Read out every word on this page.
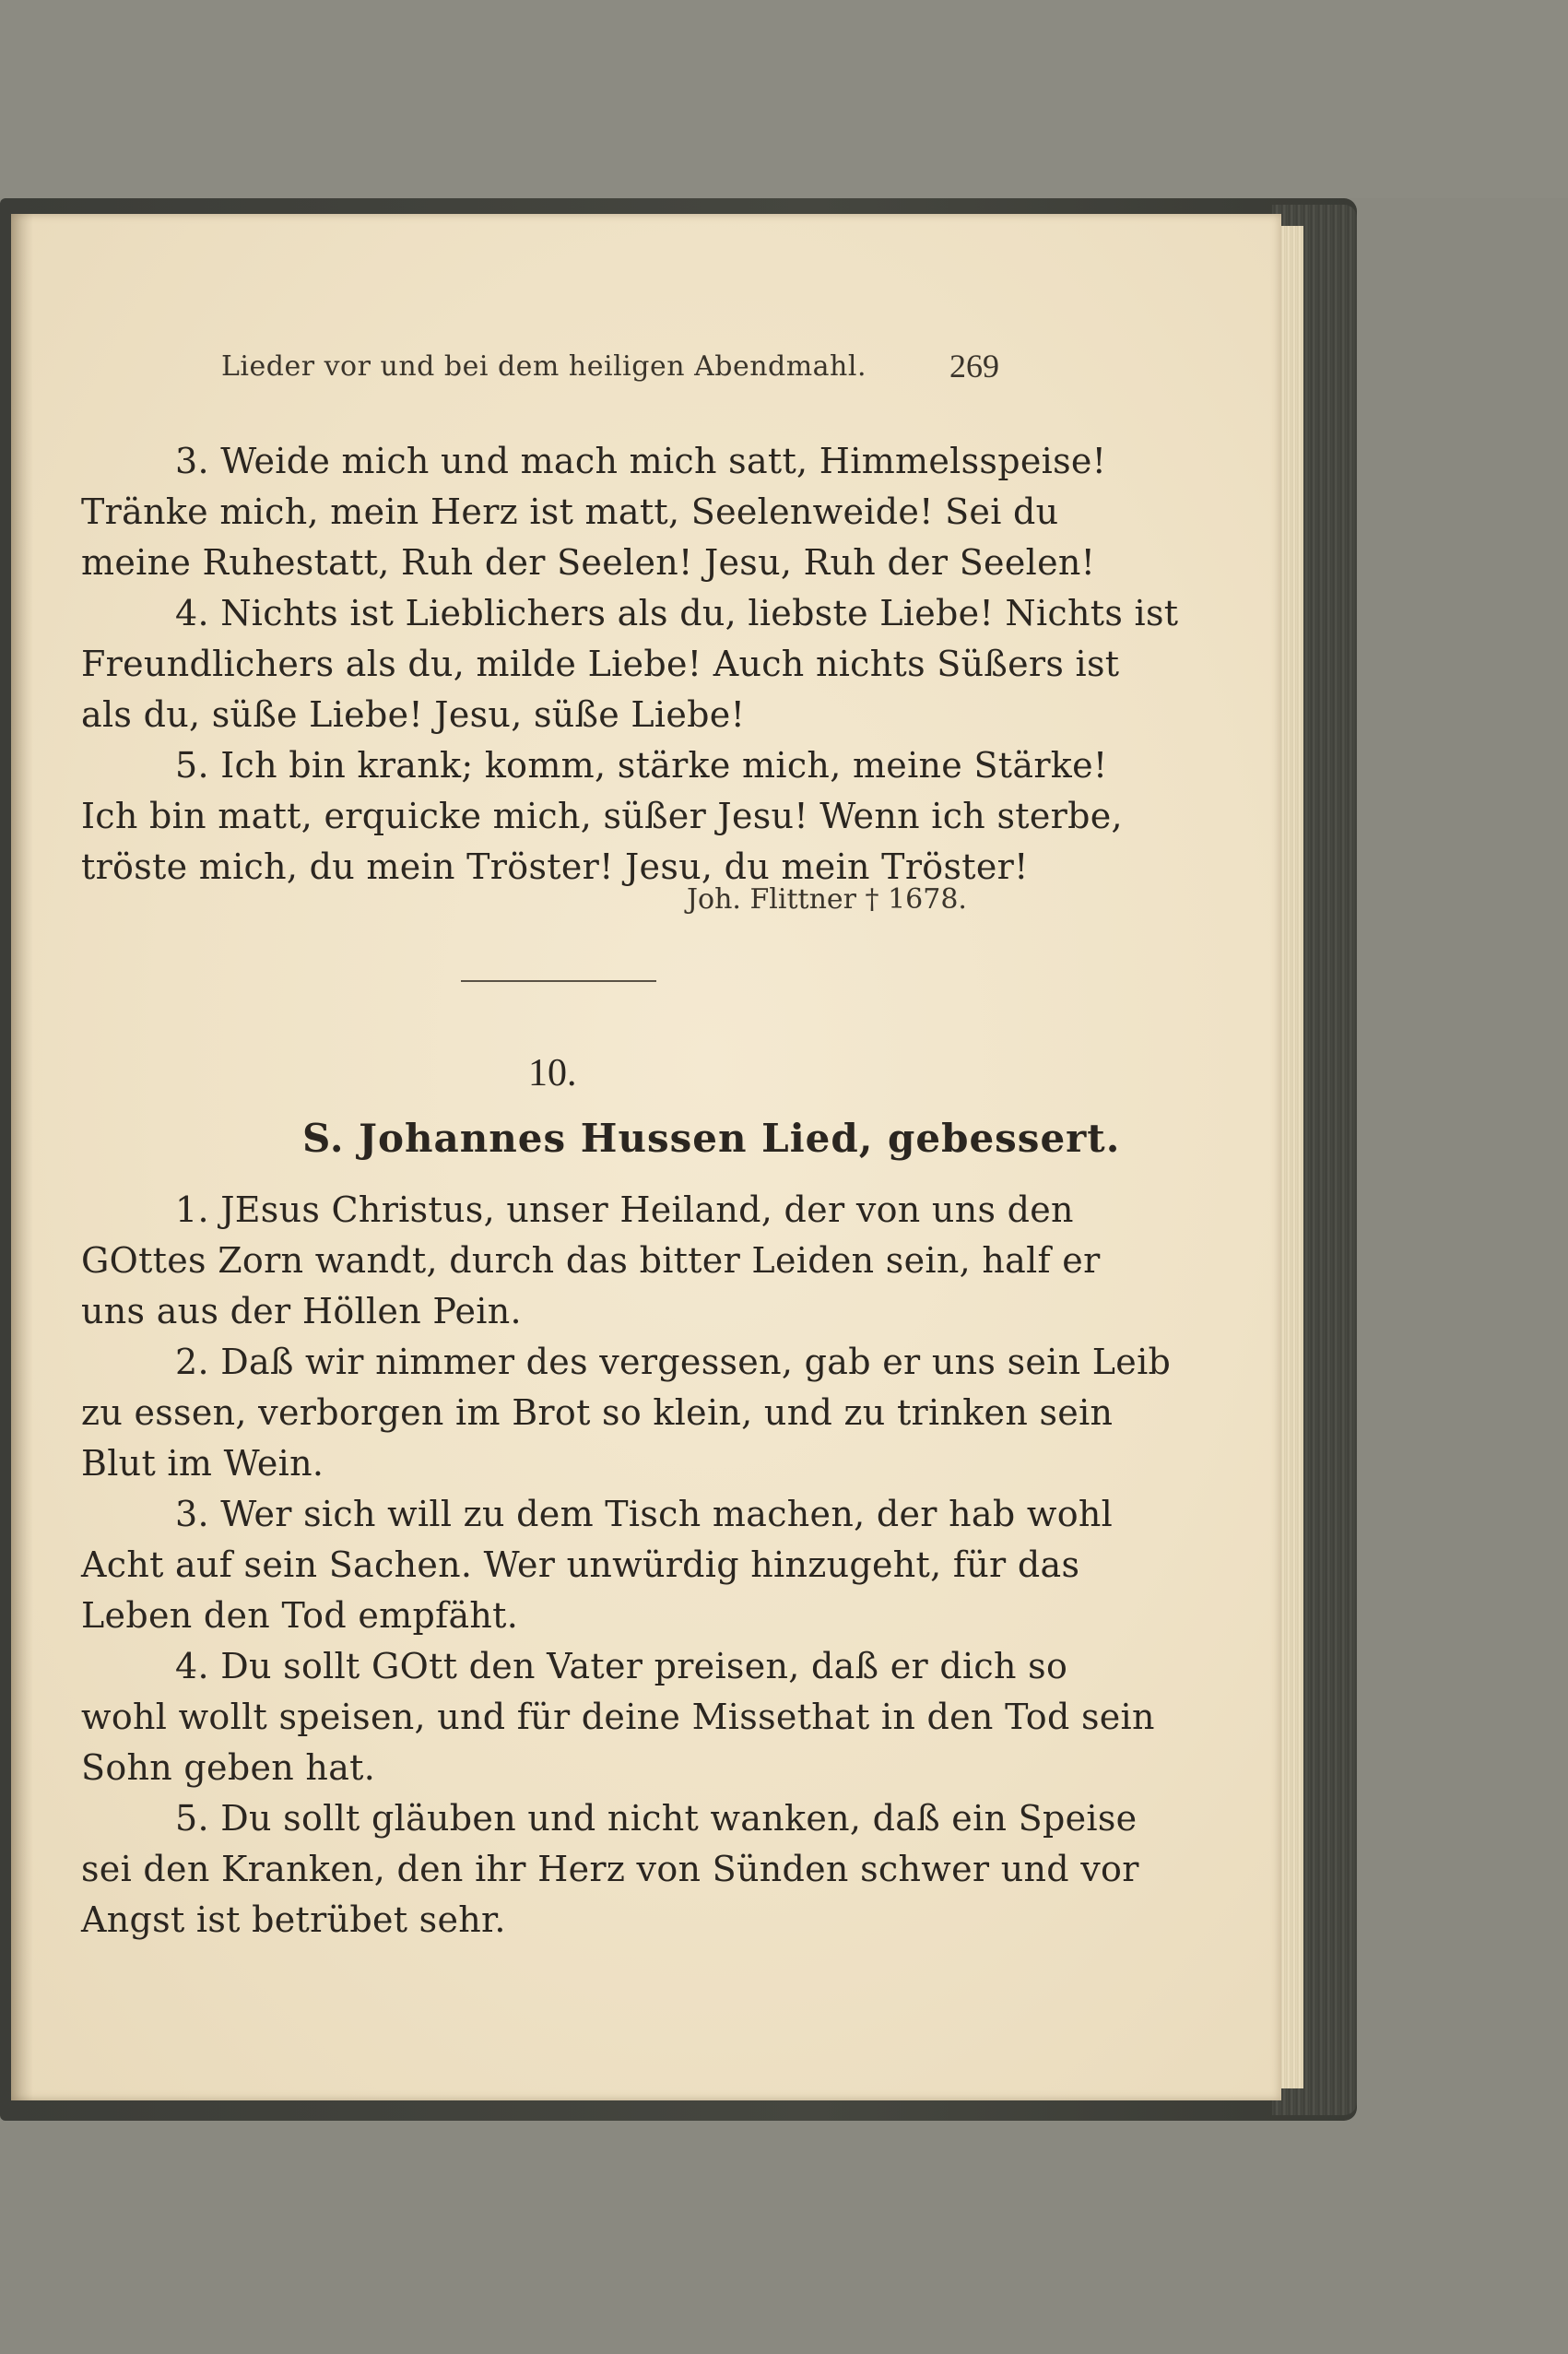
Lieder vor und bei dem heiligen Abendmahl. 269
3. Weide mich und mach mich satt, Himmelsspeise!
Tränke mich, mein Herz ist matt, Seelenweide! Sei du
meine Ruhestatt, Ruh der Seelen! Jesu, Ruh der Seelen!
4. Nichts ist Lieblichers als du, liebste Liebe! Nichts ist
Freundlichers als du, milde Liebe! Auch nichts Süßers ist
als du, süße Liebe! Jesu, süße Liebe!
5. Ich bin krank; komm, stärke mich, meine Stärke!
Ich bin matt, erquicke mich, süßer Jesu! Wenn ich sterbe,
tröste mich, du mein Tröster! Jesu, du mein Tröster!
Joh. Flittner † 1678.
10.
S. Johannes Hussen Lied, gebessert.
1. JEsus Christus, unser Heiland, der von uns den
GOttes Zorn wandt, durch das bitter Leiden sein, half er
uns aus der Höllen Pein.
2. Daß wir nimmer des vergessen, gab er uns sein Leib
zu essen, verborgen im Brot so klein, und zu trinken sein
Blut im Wein.
3. Wer sich will zu dem Tisch machen, der hab wohl
Acht auf sein Sachen. Wer unwürdig hinzugeht, für das
Leben den Tod empfäht.
4. Du sollt GOtt den Vater preisen, daß er dich so
wohl wollt speisen, und für deine Missethat in den Tod sein
Sohn geben hat.
5. Du sollt gläuben und nicht wanken, daß ein Speise
sei den Kranken, den ihr Herz von Sünden schwer und vor
Angst ist betrübet sehr.
